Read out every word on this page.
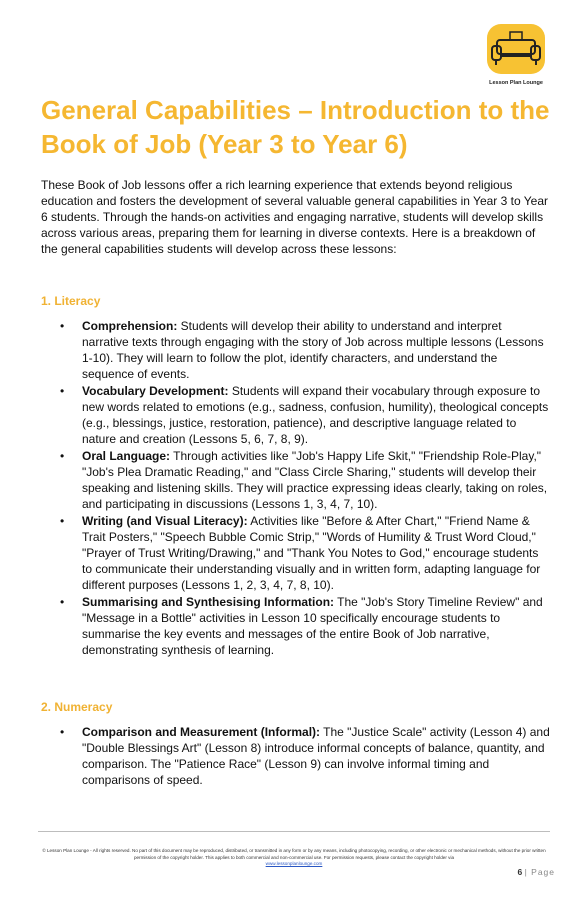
Lesson Plan Lounge
General Capabilities – Introduction to the Book of Job (Year 3 to Year 6)

These Book of Job lessons offer a rich learning experience that extends beyond religious education and fosters the development of several valuable general capabilities in Year 3 to Year 6 students. Through the hands-on activities and engaging narrative, students will develop skills across various areas, preparing them for learning in diverse contexts. Here is a breakdown of the general capabilities students will develop across these lessons:

1. Literacy
• Comprehension: Students will develop their ability to understand and interpret narrative texts through engaging with the story of Job across multiple lessons (Lessons 1-10). They will learn to follow the plot, identify characters, and understand the sequence of events.
• Vocabulary Development: Students will expand their vocabulary through exposure to new words related to emotions (e.g., sadness, confusion, humility), theological concepts (e.g., blessings, justice, restoration, patience), and descriptive language related to nature and creation (Lessons 5, 6, 7, 8, 9).
• Oral Language: Through activities like "Job's Happy Life Skit," "Friendship Role-Play," "Job's Plea Dramatic Reading," and "Class Circle Sharing," students will develop their speaking and listening skills. They will practice expressing ideas clearly, taking on roles, and participating in discussions (Lessons 1, 3, 4, 7, 10).
• Writing (and Visual Literacy): Activities like "Before & After Chart," "Friend Name & Trait Posters," "Speech Bubble Comic Strip," "Words of Humility & Trust Word Cloud," "Prayer of Trust Writing/Drawing," and "Thank You Notes to God," encourage students to communicate their understanding visually and in written form, adapting language for different purposes (Lessons 1, 2, 3, 4, 7, 8, 10).
• Summarising and Synthesising Information: The "Job's Story Timeline Review" and "Message in a Bottle" activities in Lesson 10 specifically encourage students to summarise the key events and messages of the entire Book of Job narrative, demonstrating synthesis of learning.
2. Numeracy
• Comparison and Measurement (Informal): The "Justice Scale" activity (Lesson 4) and "Double Blessings Art" (Lesson 8) introduce informal concepts of balance, quantity, and comparison. The "Patience Race" (Lesson 9) can involve informal timing and comparisons of speed.
© Lesson Plan Lounge - All rights reserved. No part of this document may be reproduced, distributed, or transmitted in any form or by any means, including photocopying, recording, or other electronic or mechanical methods, without the prior written permission of the copyright holder. This applies to both commercial and non-commercial use. For permission requests, please contact the copyright holder via
www.lessonplanlounge.com
6 | Page
